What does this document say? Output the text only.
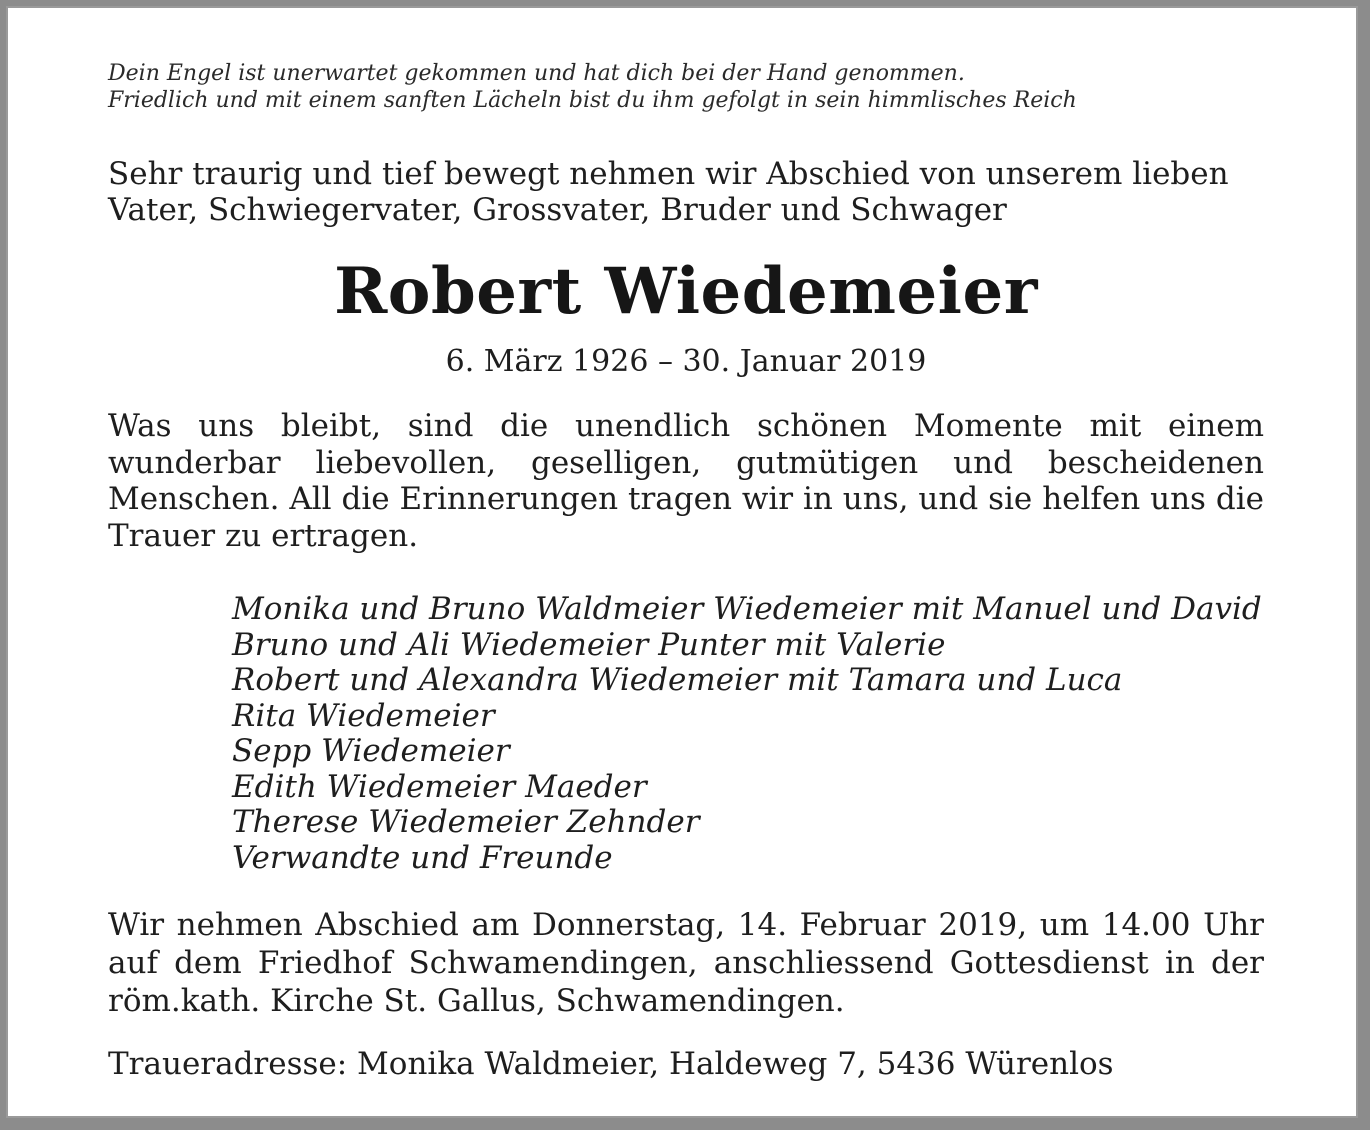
Dein Engel ist unerwartet gekommen und hat dich bei der Hand genommen.
Friedlich und mit einem sanften Lächeln bist du ihm gefolgt in sein himmlisches Reich
Sehr traurig und tief bewegt nehmen wir Abschied von unserem lieben
Vater, Schwiegervater, Grossvater, Bruder und Schwager
Robert Wiedemeier
6. März 1926 – 30. Januar 2019
Was uns bleibt, sind die unendlich schönen Momente mit einem wunderbar liebevollen, geselligen, gutmütigen und bescheidenen Menschen. All die Erinnerungen tragen wir in uns, und sie helfen uns die Trauer zu ertragen.
Monika und Bruno Waldmeier Wiedemeier mit Manuel und David
Bruno und Ali Wiedemeier Punter mit Valerie
Robert und Alexandra Wiedemeier mit Tamara und Luca
Rita Wiedemeier
Sepp Wiedemeier
Edith Wiedemeier Maeder
Therese Wiedemeier Zehnder
Verwandte und Freunde
Wir nehmen Abschied am Donnerstag, 14. Februar 2019, um 14.00 Uhr auf dem Friedhof Schwamendingen, anschliessend Gottesdienst in der röm.kath. Kirche St. Gallus, Schwamendingen.
Traueradresse: Monika Waldmeier, Haldeweg 7, 5436 Würenlos
